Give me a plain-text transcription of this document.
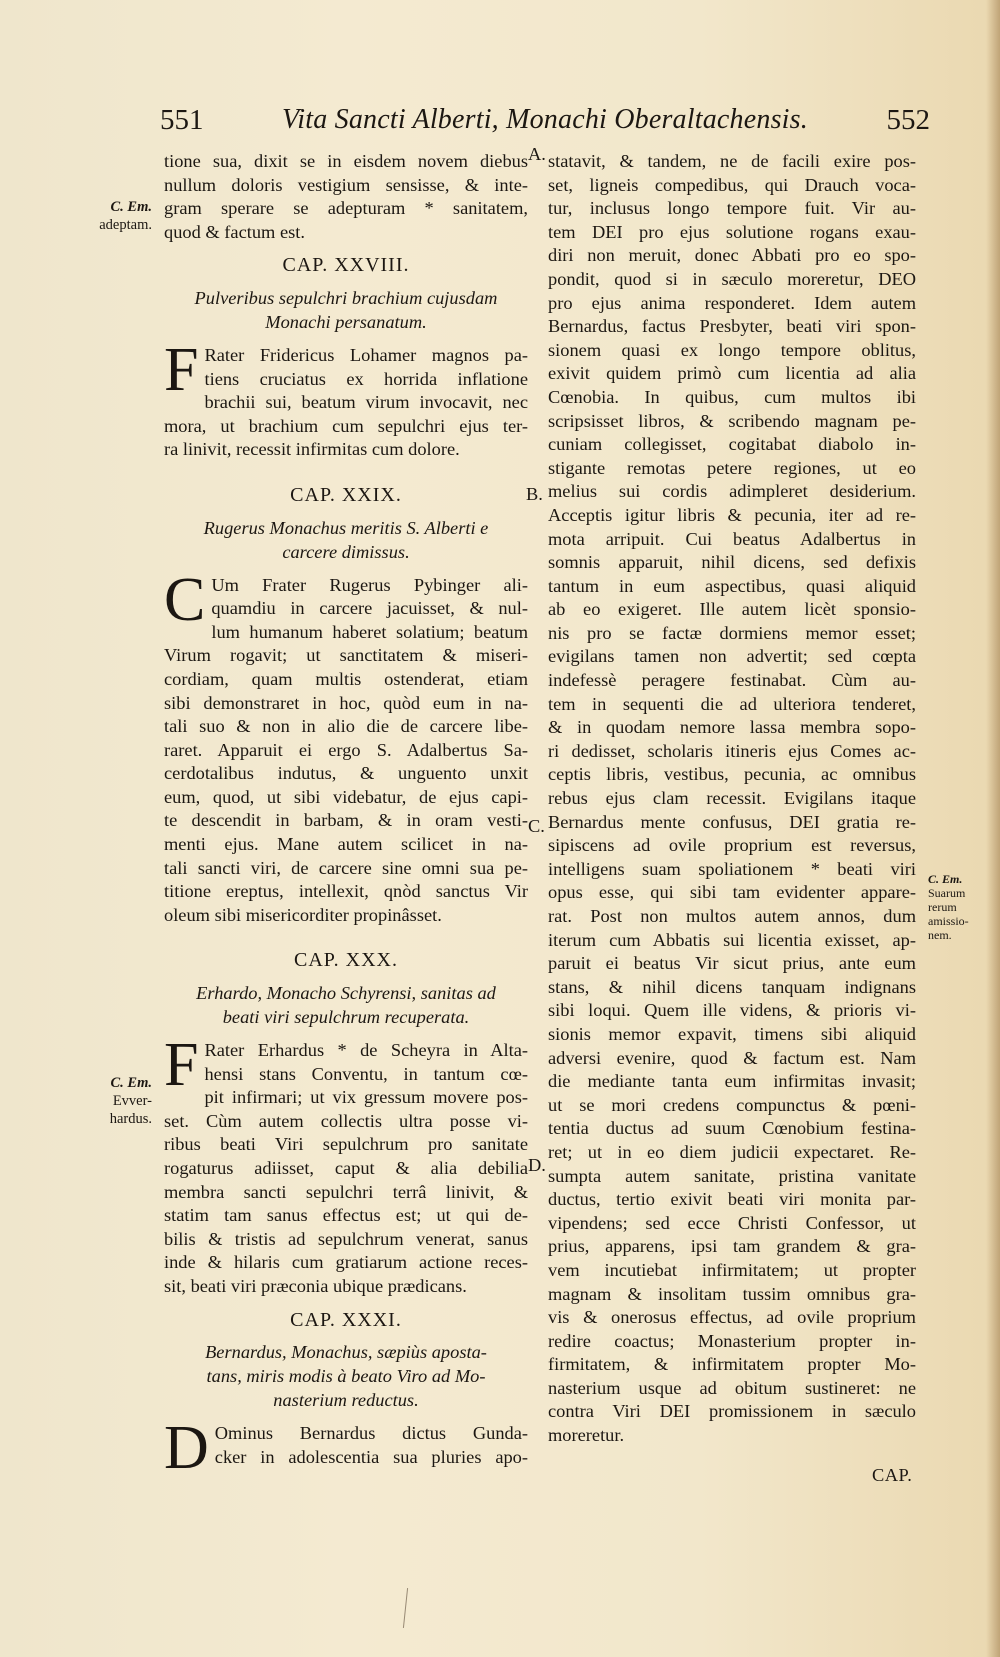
551	Vita Sancti Alberti, Monachi Oberaltachensis.	552
C. Em.
adeptam.
C. Em.
Evver-
hardus.

tione sua, dixit se in eisdem novem diebus
nullum doloris vestigium sensisse, & inte-
gram sperare se adepturam * sanitatem,
quod & factum est.

CAP. XXVIII.
Pulveribus sepulchri brachium cujusdam
Monachi persanatum.

F Rater Fridericus Lohamer magnos pa-
tiens cruciatus ex horrida inflatione
brachii sui, beatum virum invocavit, nec
mora, ut brachium cum sepulchri ejus ter-
ra linivit, recessit infirmitas cum dolore.

CAP. XXIX.
Rugerus Monachus meritis S. Alberti e
carcere dimissus.

C Um Frater Rugerus Pybinger ali-
quamdiu in carcere jacuisset, & nul-
lum humanum haberet solatium; beatum
Virum rogavit; ut sanctitatem & miseri-
cordiam, quam multis ostenderat, etiam
sibi demonstraret in hoc, quòd eum in na-
tali suo & non in alio die de carcere libe-
raret. Apparuit ei ergo S. Adalbertus Sa-
cerdotalibus indutus, & unguento unxit
eum, quod, ut sibi videbatur, de ejus capi-
te descendit in barbam, & in oram vesti-
menti ejus. Mane autem scilicet in na-
tali sancti viri, de carcere sine omni sua pe-
titione ereptus, intellexit, qnòd sanctus Vir
oleum sibi misericorditer propinâsset.

CAP. XXX.
Erhardo, Monacho Schyrensi, sanitas ad
beati viri sepulchrum recuperata.

F Rater Erhardus * de Scheyra in Alta-
hensi stans Conventu, in tantum cœ-
pit infirmari; ut vix gressum movere pos-
set. Cùm autem collectis ultra posse vi-
ribus beati Viri sepulchrum pro sanitate
rogaturus adiisset, caput & alia debilia
membra sancti sepulchri terrâ linivit, &
statim tam sanus effectus est; ut qui de-
bilis & tristis ad sepulchrum venerat, sanus
inde & hilaris cum gratiarum actione reces-
sit, beati viri præconia ubique prædicans.

CAP. XXXI.
Bernardus, Monachus, sæpiùs aposta-
tans, miris modis à beato Viro ad Mo-
nasterium reductus.

D Ominus Bernardus dictus Gunda-
cker in adolescentia sua pluries apo-

A.
B.
C.
D.

statavit, & tandem, ne de facili exire pos-
set, ligneis compedibus, qui Drauch voca-
tur, inclusus longo tempore fuit. Vir au-
tem DEI pro ejus solutione rogans exau-
diri non meruit, donec Abbati pro eo spo-
pondit, quod si in sæculo moreretur, DEO
pro ejus anima responderet. Idem autem
Bernardus, factus Presbyter, beati viri spon-
sionem quasi ex longo tempore oblitus,
exivit quidem primò cum licentia ad alia
Cœnobia. In quibus, cum multos ibi
scripsisset libros, & scribendo magnam pe-
cuniam collegisset, cogitabat diabolo in-
stigante remotas petere regiones, ut eo
melius sui cordis adimpleret desiderium.
Acceptis igitur libris & pecunia, iter ad re-
mota arripuit. Cui beatus Adalbertus in
somnis apparuit, nihil dicens, sed defixis
tantum in eum aspectibus, quasi aliquid
ab eo exigeret. Ille autem licèt sponsio-
nis pro se factæ dormiens memor esset;
evigilans tamen non advertit; sed cœpta
indefessè peragere festinabat. Cùm au-
tem in sequenti die ad ulteriora tenderet,
& in quodam nemore lassa membra sopo-
ri dedisset, scholaris itineris ejus Comes ac-
ceptis libris, vestibus, pecunia, ac omnibus
rebus ejus clam recessit. Evigilans itaque
Bernardus mente confusus, DEI gratia re-
sipiscens ad ovile proprium est reversus,
intelligens suam spoliationem * beati viri
opus esse, qui sibi tam evidenter appare-
rat. Post non multos autem annos, dum
iterum cum Abbatis sui licentia exisset, ap-
paruit ei beatus Vir sicut prius, ante eum
stans, & nihil dicens tanquam indignans
sibi loqui. Quem ille videns, & prioris vi-
sionis memor expavit, timens sibi aliquid
adversi evenire, quod & factum est. Nam
die mediante tanta eum infirmitas invasit;
ut se mori credens compunctus & pœni-
tentia ductus ad suum Cœnobium festina-
ret; ut in eo diem judicii expectaret. Re-
sumpta autem sanitate, pristina vanitate
ductus, tertio exivit beati viri monita par-
vipendens; sed ecce Christi Confessor, ut
prius, apparens, ipsi tam grandem & gra-
vem incutiebat infirmitatem; ut propter
magnam & insolitam tussim omnibus gra-
vis & onerosus effectus, ad ovile proprium
redire coactus; Monasterium propter in-
firmitatem, & infirmitatem propter Mo-
nasterium usque ad obitum sustineret: ne
contra Viri DEI promissionem in sæculo
moreretur.

C. Em.
Suarum
rerum
amissio-
nem.
CAP.
